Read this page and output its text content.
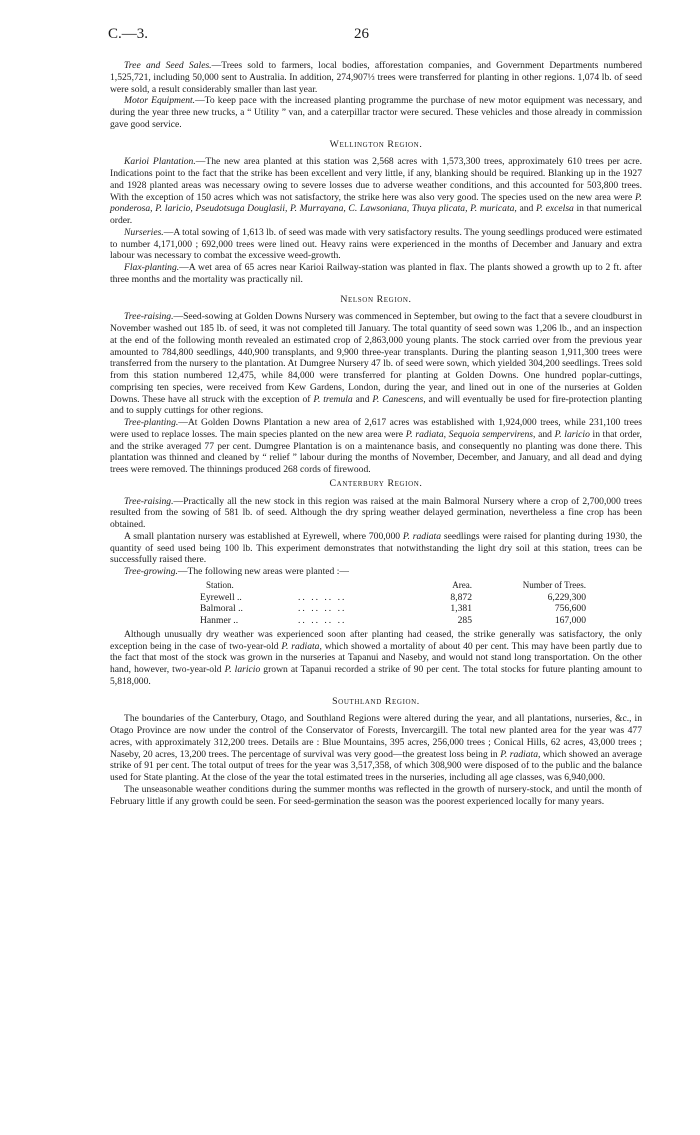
C.—3.	26

Tree and Seed Sales.—Trees sold to farmers, local bodies, afforestation companies, and Government Departments numbered 1,525,721, including 50,000 sent to Australia. In addition, 274,907⅓ trees were transferred for planting in other regions. 1,074 lb. of seed were sold, a result considerably smaller than last year.

Motor Equipment.—To keep pace with the increased planting programme the purchase of new motor equipment was necessary, and during the year three new trucks, a “ Utility ” van, and a caterpillar tractor were secured. These vehicles and those already in commission gave good service.

Wellington Region.

Karioi Plantation.—The new area planted at this station was 2,568 acres with 1,573,300 trees, approximately 610 trees per acre. Indications point to the fact that the strike has been excellent and very little, if any, blanking should be required. Blanking up in the 1927 and 1928 planted areas was necessary owing to severe losses due to adverse weather conditions, and this accounted for 503,800 trees. With the exception of 150 acres which was not satisfactory, the strike here was also very good. The species used on the new area were P. ponderosa, P. laricio, Pseudotsuga Douglasii, P. Murrayana, C. Lawsoniana, Thuya plicata, P. muricata, and P. excelsa in that numerical order.

Nurseries.—A total sowing of 1,613 lb. of seed was made with very satisfactory results. The young seedlings produced were estimated to number 4,171,000 ; 692,000 trees were lined out. Heavy rains were experienced in the months of December and January and extra labour was necessary to combat the excessive weed-growth.

Flax-planting.—A wet area of 65 acres near Karioi Railway-station was planted in flax. The plants showed a growth up to 2 ft. after three months and the mortality was practically nil.

Nelson Region.

Tree-raising.—Seed-sowing at Golden Downs Nursery was commenced in September, but owing to the fact that a severe cloudburst in November washed out 185 lb. of seed, it was not completed till January. The total quantity of seed sown was 1,206 lb., and an inspection at the end of the following month revealed an estimated crop of 2,863,000 young plants. The stock carried over from the previous year amounted to 784,800 seedlings, 440,900 transplants, and 9,900 three-year transplants. During the planting season 1,911,300 trees were transferred from the nursery to the plantation. At Dumgree Nursery 47 lb. of seed were sown, which yielded 304,200 seedlings. Trees sold from this station numbered 12,475, while 84,000 were transferred for planting at Golden Downs. One hundred poplar-cuttings, comprising ten species, were received from Kew Gardens, London, during the year, and lined out in one of the nurseries at Golden Downs. These have all struck with the exception of P. tremula and P. Canescens, and will eventually be used for fire-protection planting and to supply cuttings for other regions.

Tree-planting.—At Golden Downs Plantation a new area of 2,617 acres was established with 1,924,000 trees, while 231,100 trees were used to replace losses. The main species planted on the new area were P. radiata, Sequoia sempervirens, and P. laricio in that order, and the strike averaged 77 per cent. Dumgree Plantation is on a maintenance basis, and consequently no planting was done there. This plantation was thinned and cleaned by “ relief ” labour during the months of November, December, and January, and all dead and dying trees were removed. The thinnings produced 268 cords of firewood.

Canterbury Region.

Tree-raising.—Practically all the new stock in this region was raised at the main Balmoral Nursery where a crop of 2,700,000 trees resulted from the sowing of 581 lb. of seed. Although the dry spring weather delayed germination, nevertheless a fine crop has been obtained.

A small plantation nursery was established at Eyrewell, where 700,000 P. radiata seedlings were raised for planting during 1930, the quantity of seed used being 100 lb. This experiment demonstrates that notwithstanding the light dry soil at this station, trees can be successfully raised there.

Tree-growing.—The following new areas were planted :—

Station.	Area.	Number of Trees.
Eyrewell ..	.. .. .. ..	8,872	6,229,300
Balmoral ..	.. .. .. ..	1,381	756,600
Hanmer ..	.. .. .. ..	285	167,000

Although unusually dry weather was experienced soon after planting had ceased, the strike generally was satisfactory, the only exception being in the case of two-year-old P. radiata, which showed a mortality of about 40 per cent. This may have been partly due to the fact that most of the stock was grown in the nurseries at Tapanui and Naseby, and would not stand long transportation. On the other hand, however, two-year-old P. laricio grown at Tapanui recorded a strike of 90 per cent. The total stocks for future planting amount to 5,818,000.

Southland Region.

The boundaries of the Canterbury, Otago, and Southland Regions were altered during the year, and all plantations, nurseries, &c., in Otago Province are now under the control of the Conservator of Forests, Invercargill. The total new planted area for the year was 477 acres, with approximately 312,200 trees. Details are : Blue Mountains, 395 acres, 256,000 trees ; Conical Hills, 62 acres, 43,000 trees ; Naseby, 20 acres, 13,200 trees. The percentage of survival was very good—the greatest loss being in P. radiata, which showed an average strike of 91 per cent. The total output of trees for the year was 3,517,358, of which 308,900 were disposed of to the public and the balance used for State planting. At the close of the year the total estimated trees in the nurseries, including all age classes, was 6,940,000.

The unseasonable weather conditions during the summer months was reflected in the growth of nursery-stock, and until the month of February little if any growth could be seen. For seed-germination the season was the poorest experienced locally for many years.
